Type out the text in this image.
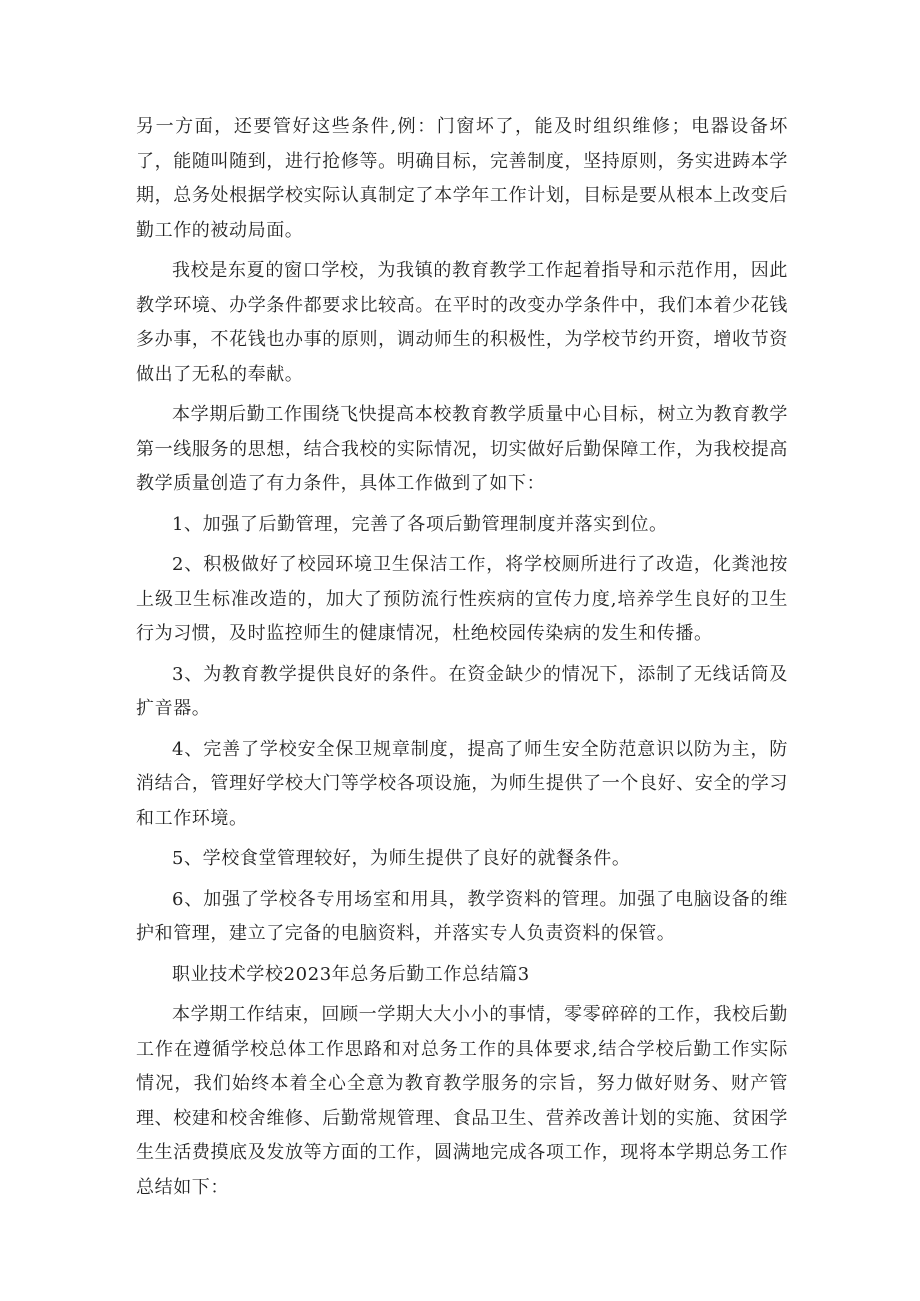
另一方面，还要管好这些条件,例：门窗坏了，能及时组织维修；电器设备坏了，能随叫随到，进行抢修等。明确目标，完善制度，坚持原则，务实进踌本学期，总务处根据学校实际认真制定了本学年工作计划，目标是要从根本上改变后勤工作的被动局面。

我校是东夏的窗口学校，为我镇的教育教学工作起着指导和示范作用，因此教学环境、办学条件都要求比较高。在平时的改变办学条件中，我们本着少花钱多办事，不花钱也办事的原则，调动师生的积极性，为学校节约开资，增收节资做出了无私的奉献。

本学期后勤工作围绕飞快提高本校教育教学质量中心目标，树立为教育教学第一线服务的思想，结合我校的实际情况，切实做好后勤保障工作，为我校提高教学质量创造了有力条件，具体工作做到了如下：

1、加强了后勤管理，完善了各项后勤管理制度并落实到位。

2、积极做好了校园环境卫生保洁工作，将学校厕所进行了改造，化粪池按上级卫生标准改造的，加大了预防流行性疾病的宣传力度,培养学生良好的卫生行为习惯，及时监控师生的健康情况，杜绝校园传染病的发生和传播。

3、为教育教学提供良好的条件。在资金缺少的情况下，添制了无线话筒及扩音器。

4、完善了学校安全保卫规章制度，提高了师生安全防范意识以防为主，防消结合，管理好学校大门等学校各项设施，为师生提供了一个良好、安全的学习和工作环境。

5、学校食堂管理较好，为师生提供了良好的就餐条件。

6、加强了学校各专用场室和用具，教学资料的管理。加强了电脑设备的维护和管理，建立了完备的电脑资料，并落实专人负责资料的保管。

职业技术学校2023年总务后勤工作总结篇3

本学期工作结束，回顾一学期大大小小的事情，零零碎碎的工作，我校后勤工作在遵循学校总体工作思路和对总务工作的具体要求,结合学校后勤工作实际情况，我们始终本着全心全意为教育教学服务的宗旨，努力做好财务、财产管理、校建和校舍维修、后勤常规管理、食品卫生、营养改善计划的实施、贫困学生生活费摸底及发放等方面的工作，圆满地完成各项工作，现将本学期总务工作总结如下：
